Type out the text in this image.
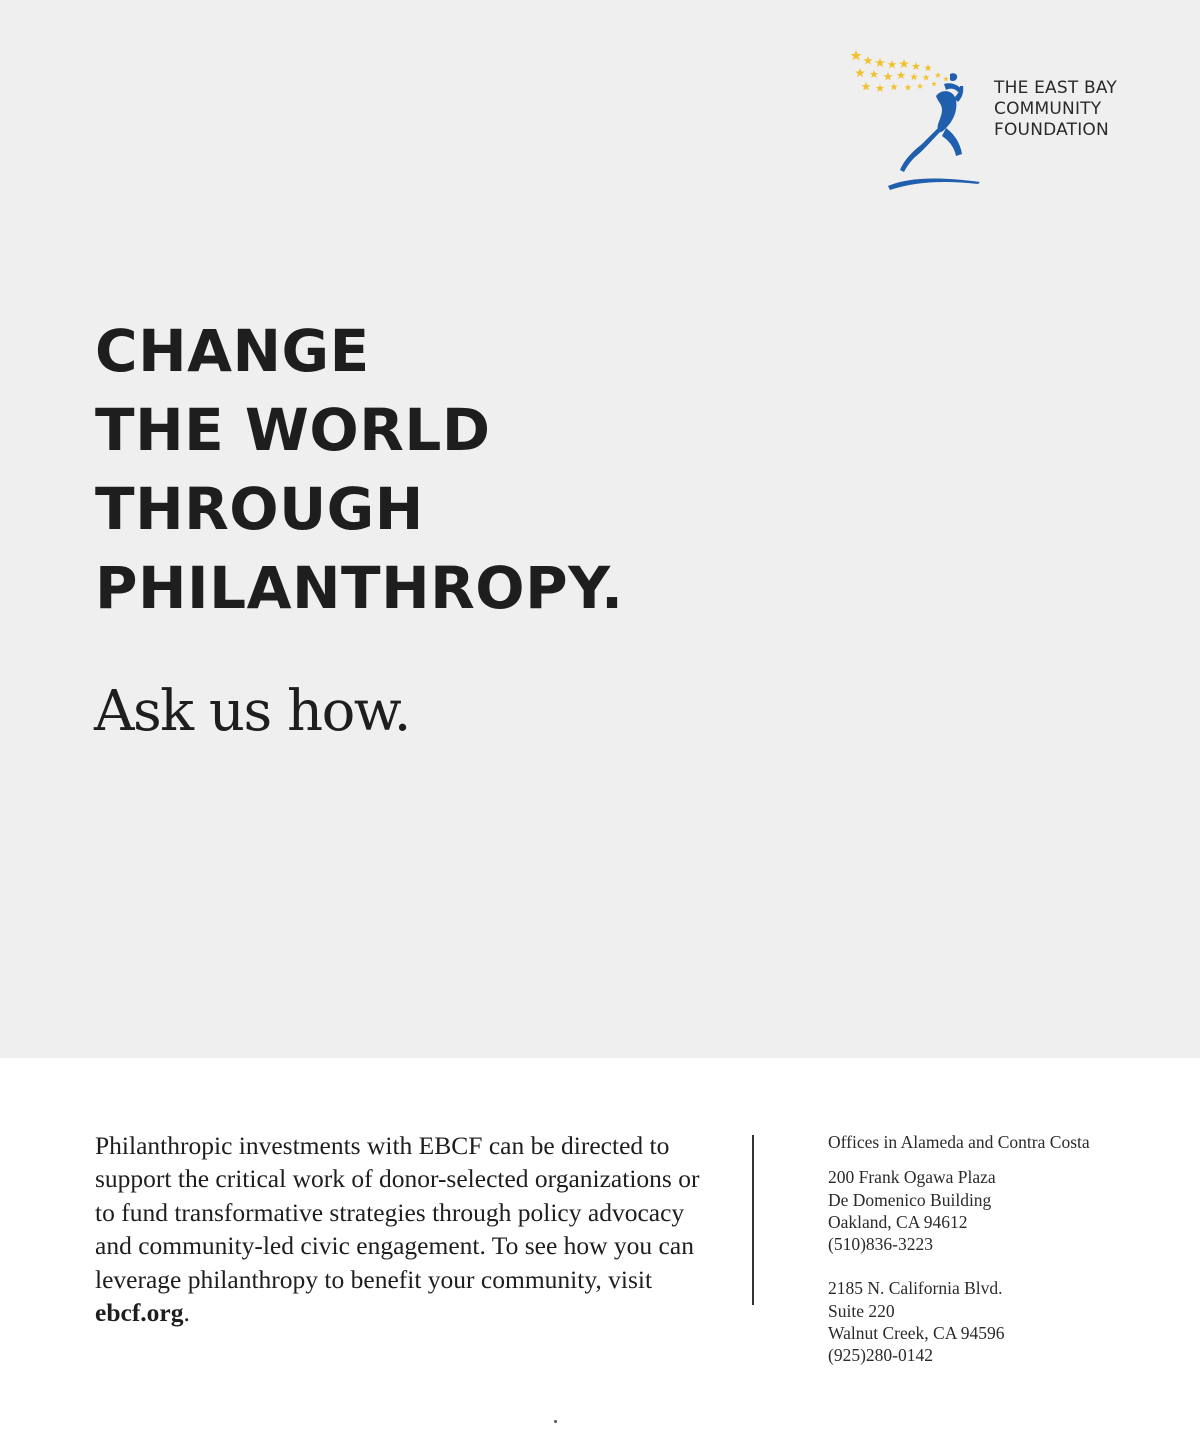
THE EAST BAY
COMMUNITY
FOUNDATION
CHANGE
THE WORLD
THROUGH
PHILANTHROPY.
Ask us how.

Philanthropic investments with EBCF can be directed to support the critical work of donor-selected organizations or to fund transformative strategies through policy advocacy and community-led civic engagement. To see how you can leverage philanthropy to benefit your community, visit ebcf.org.

Offices in Alameda and Contra Costa
200 Frank Ogawa Plaza
De Domenico Building
Oakland, CA 94612
(510)836-3223
2185 N. California Blvd.
Suite 220
Walnut Creek, CA 94596
(925)280-0142
